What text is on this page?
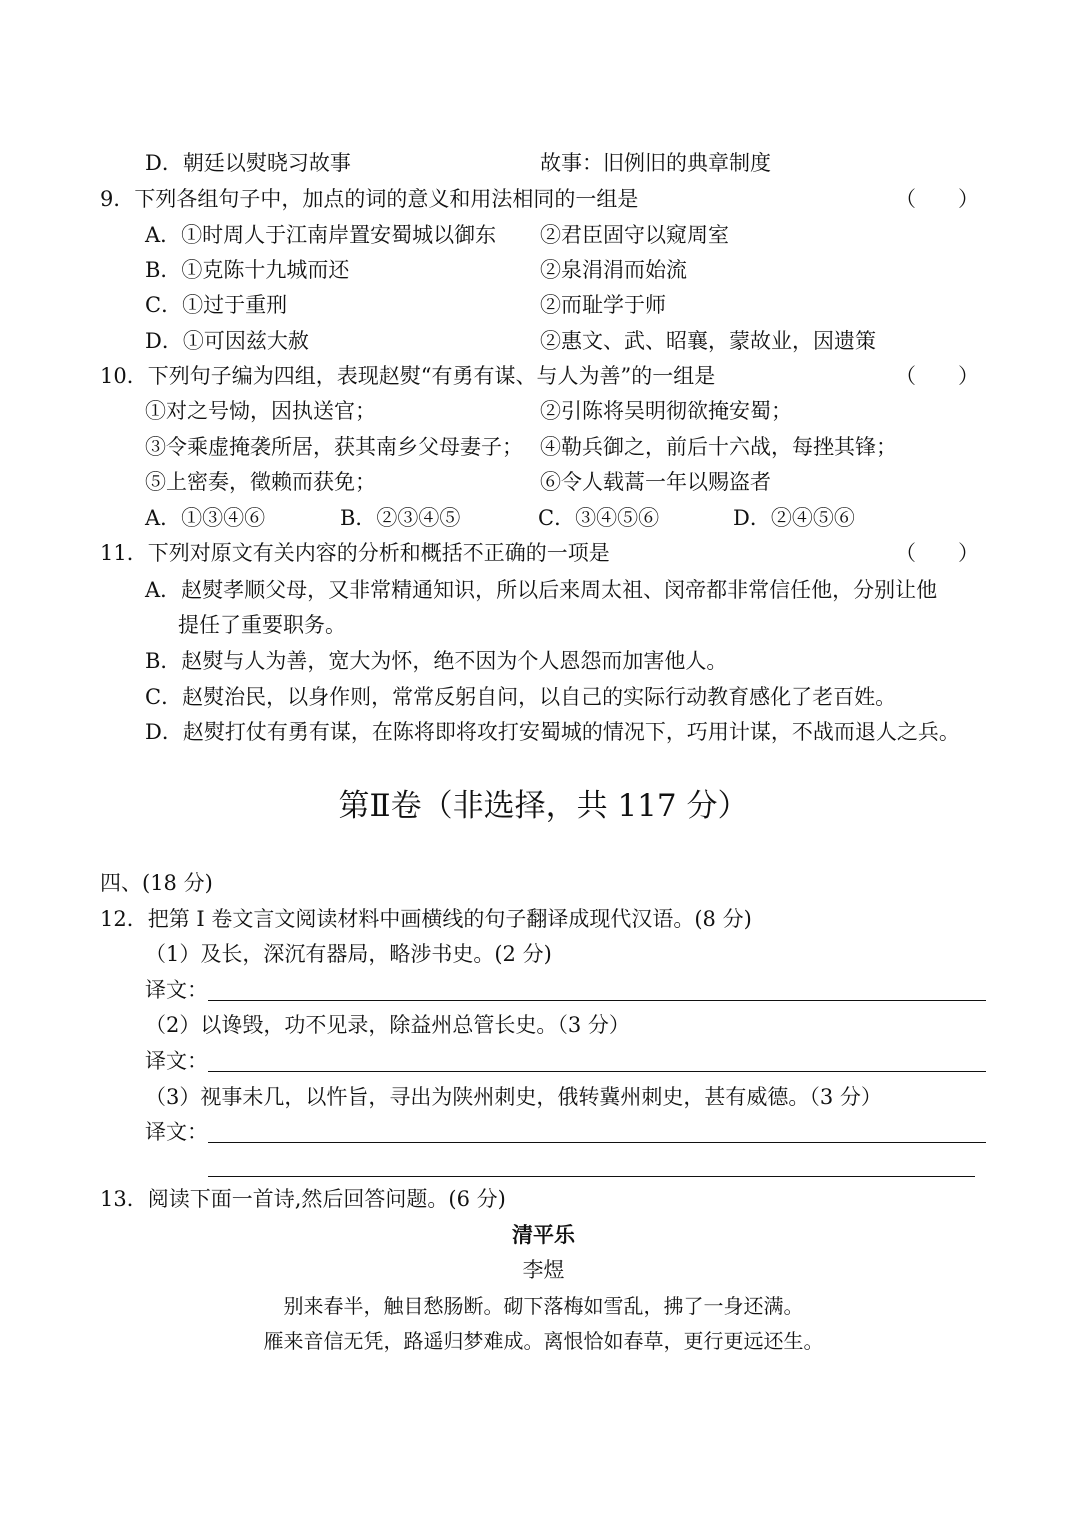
D．朝廷以熨晓习故事	故事：旧例旧的典章制度
9．下列各组句子中，加点的词的意义和用法相同的一组是	（　　）
A．①时周人于江南岸置安蜀城以御东 ②君臣固守以窥周室
B．①克陈十九城而还	②泉涓涓而始流
C．①过于重刑	②而耻学于师
D．①可因兹大赦	②惠文、武、昭襄，蒙故业，因遗策
10．下列句子编为四组，表现赵熨“有勇有谋、与人为善”的一组是	（　　）
①对之号恸，因执送官；	②引陈将吴明彻欲掩安蜀；
③令乘虚掩袭所居，获其南乡父母妻子； ④勒兵御之，前后十六战，每挫其锋；
⑤上密奏，徵赖而获免；	⑥令人载蒿一年以赐盗者
A．①③④⑥	B．②③④⑤	C．③④⑤⑥	D．②④⑤⑥
11．下列对原文有关内容的分析和概括不正确的一项是	（　　）
A．赵熨孝顺父母，又非常精通知识，所以后来周太祖、闵帝都非常信任他，分别让他
提任了重要职务。
B．赵熨与人为善，宽大为怀，绝不因为个人恩怨而加害他人。
C．赵熨治民，以身作则，常常反躬自问，以自己的实际行动教育感化了老百姓。
D．赵熨打仗有勇有谋，在陈将即将攻打安蜀城的情况下，巧用计谋，不战而退人之兵。
第Ⅱ卷（非选择，共 117 分）
四、(18 分)
12．把第 I 卷文言文阅读材料中画横线的句子翻译成现代汉语。(8 分)
（1）及长，深沉有器局，略涉书史。(2 分)
译文：
（2）以谗毁，功不见录，除益州总管长史。（3 分）
译文：
（3）视事未几，以忤旨，寻出为陕州刺史，俄转冀州刺史，甚有威德。（3 分）
译文：
13．阅读下面一首诗,然后回答问题。(6 分)
清平乐
李煜
别来春半，触目愁肠断。砌下落梅如雪乱，拂了一身还满。
雁来音信无凭，路遥归梦难成。离恨恰如春草，更行更远还生。
